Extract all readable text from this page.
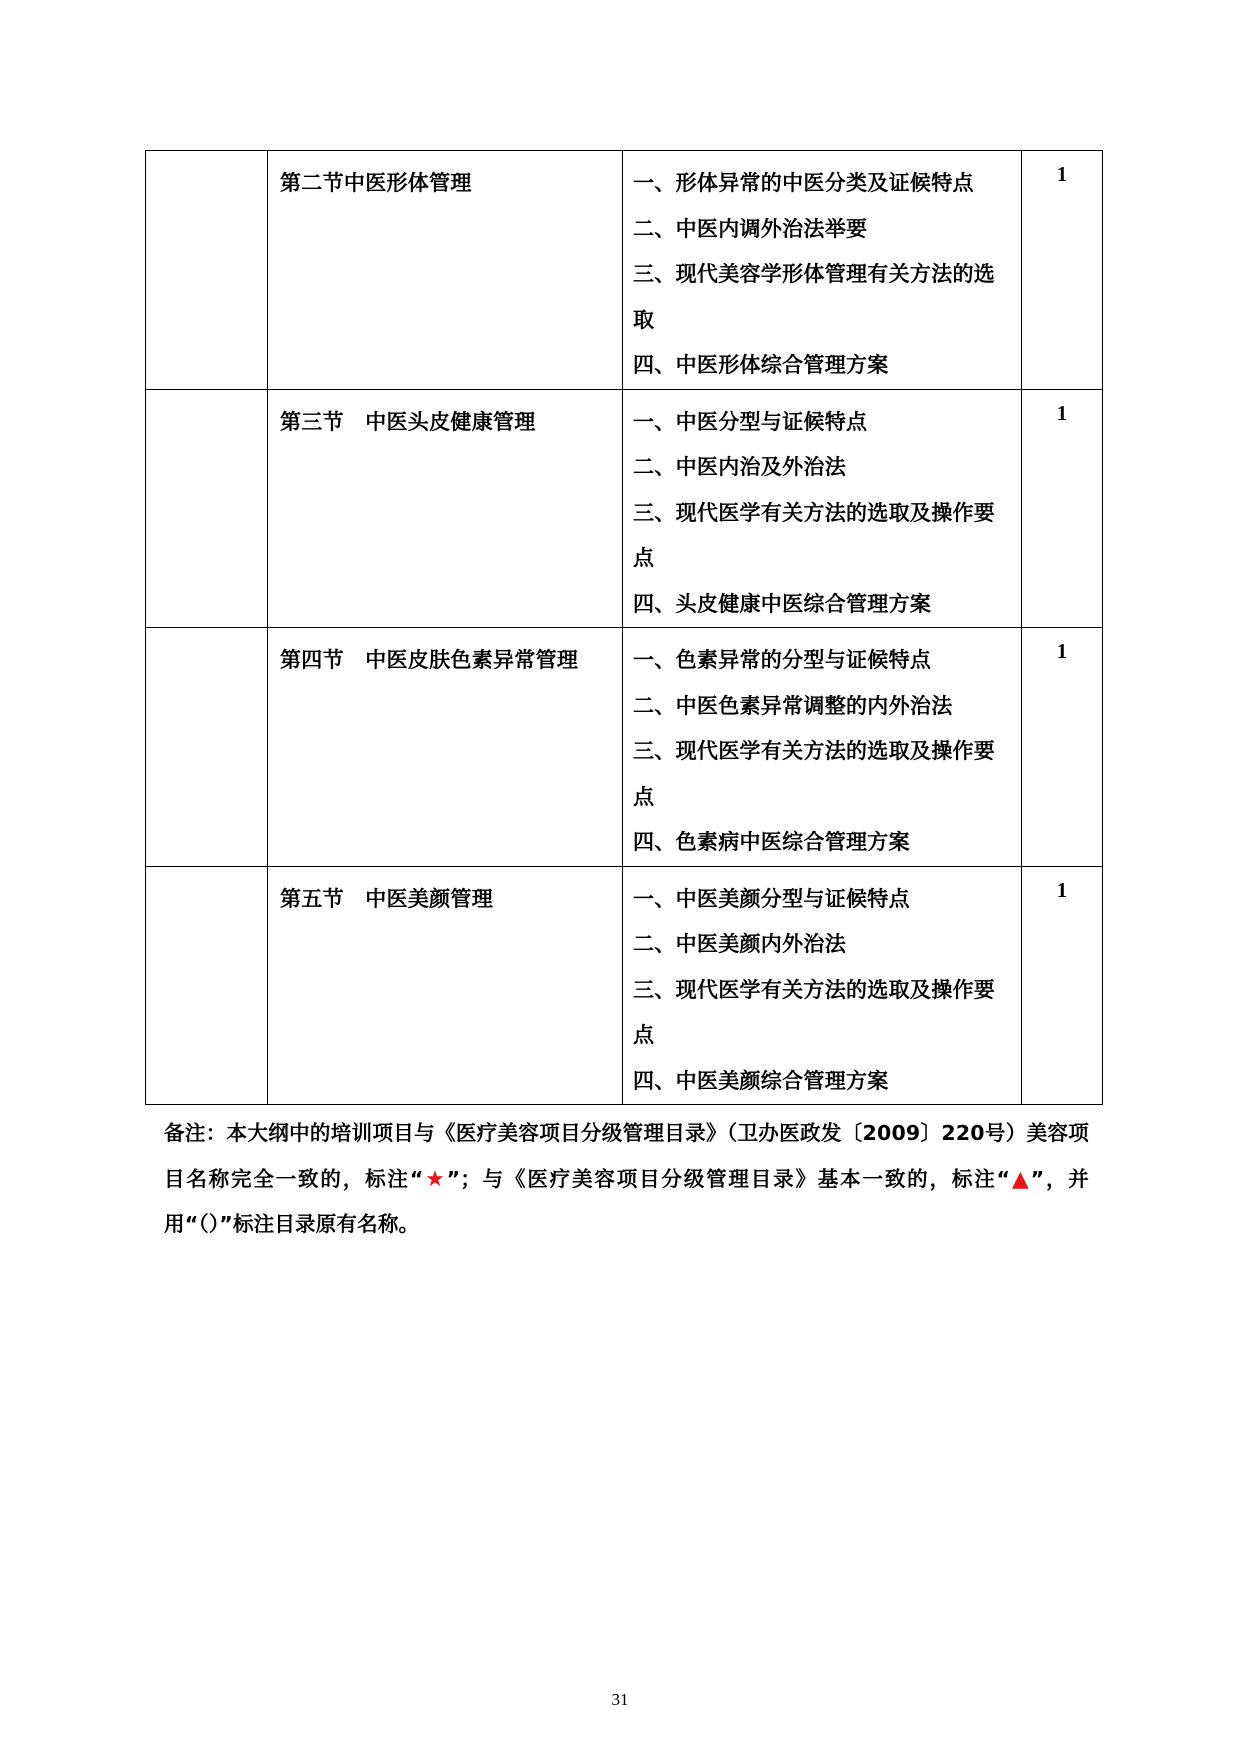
	第二节中医形体管理	一、形体异常的中医分类及证候特点
二、中医内调外治法举要
三、现代美容学形体管理有关方法的选取
四、中医形体综合管理方案	1
	第三节　中医头皮健康管理	一、中医分型与证候特点
二、中医内治及外治法
三、现代医学有关方法的选取及操作要点
四、头皮健康中医综合管理方案	1
	第四节　中医皮肤色素异常管理	一、色素异常的分型与证候特点
二、中医色素异常调整的内外治法
三、现代医学有关方法的选取及操作要点
四、色素病中医综合管理方案	1
	第五节　中医美颜管理	一、中医美颜分型与证候特点
二、中医美颜内外治法
三、现代医学有关方法的选取及操作要点
四、中医美颜综合管理方案	1
备注：本大纲中的培训项目与《医疗美容项目分级管理目录》（卫办医政发〔2009〕220号）美容项目名称完全一致的，标注“★”；与《医疗美容项目分级管理目录》基本一致的，标注“▲”，并用“（）”标注目录原有名称。
31
